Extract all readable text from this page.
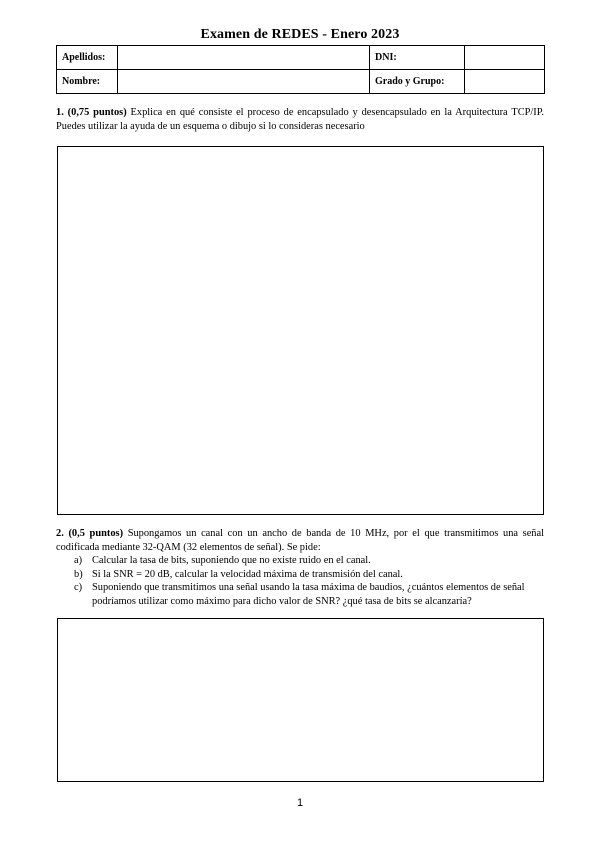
Examen de REDES - Enero 2023
Apellidos:		DNI:	
Nombre:		Grado y Grupo:	
1. (0,75 puntos) Explica en qué consiste el proceso de encapsulado y desencapsulado en la Arquitectura TCP/IP. Puedes utilizar la ayuda de un esquema o dibujo si lo consideras necesario
2. (0,5 puntos) Supongamos un canal con un ancho de banda de 10 MHz, por el que transmitimos una señal codificada mediante 32-QAM (32 elementos de señal). Se pide:
a) Calcular la tasa de bits, suponiendo que no existe ruido en el canal.
b) Si la SNR = 20 dB, calcular la velocidad máxima de transmisión del canal.
c) Suponiendo que transmitimos una señal usando la tasa máxima de baudios, ¿cuántos elementos de señal podríamos utilizar como máximo para dicho valor de SNR? ¿qué tasa de bits se alcanzaría?
1
